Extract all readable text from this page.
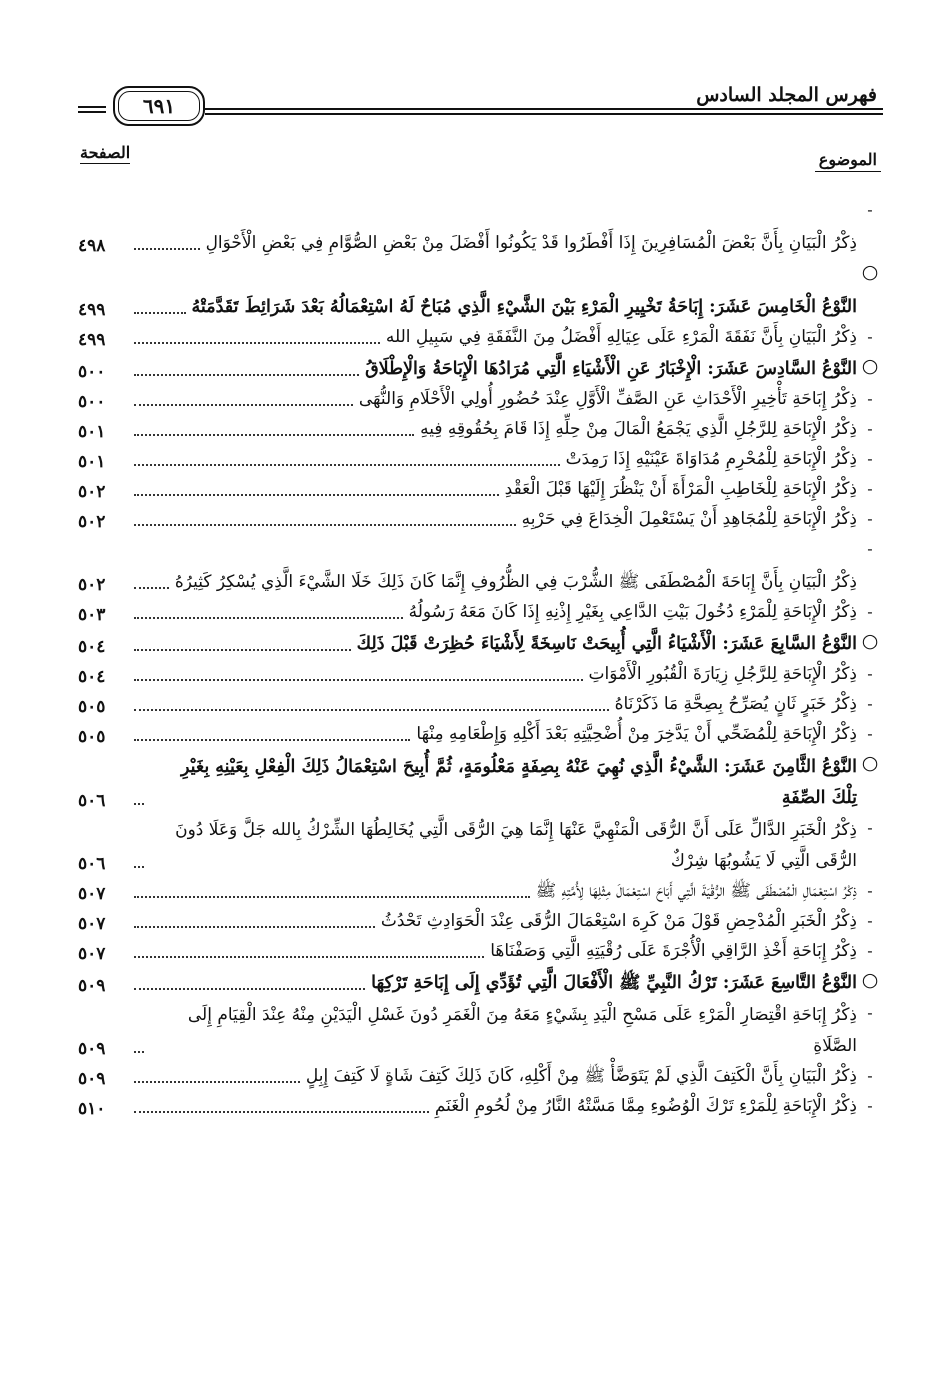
فهرس المجلد السادس
٦٩١
الموضوع
الصفحة
-
ذِكْرُ الْبَيَانِ بِأَنَّ بَعْضَ الْمُسَافِرِينَ إِذَا أَفْطَرُوا قَدْ يَكُونُوا أَفْضَلَ مِنْ بَعْضِ الصُّوَّامِ فِي بَعْضِ الْأَحْوَالِ
٤٩٨
○
النَّوْعُ الْخَامِسَ عَشَرَ: إِبَاحَةُ تَخْيِيرِ الْمَرْءِ بَيْنَ الشَّيْءِ الَّذِي مُبَاحٌ لَهُ اسْتِعْمَالُهُ بَعْدَ شَرَائِطَ تَقَدَّمَتْهُ
٤٩٩
-
ذِكْرُ الْبَيَانِ بِأَنَّ نَفَقَةَ الْمَرْءِ عَلَى عِيَالِهِ أَفْضَلُ مِنَ النَّفَقَةِ فِي سَبِيلِ الله
٤٩٩
○
النَّوْعُ السَّادِسَ عَشَرَ: الْإِخْبَارُ عَنِ الْأَشْيَاءِ الَّتِي مُرَادُهَا الْإِبَاحَةُ وَالْإِطْلَاقُ
٥٠٠
-
ذِكْرُ إِبَاحَةِ تَأْخِيرِ الْأَحْدَاثِ عَنِ الصَّفِّ الْأَوَّلِ عِنْدَ حُضُورِ أُولِي الْأَحْلَامِ وَالنُّهَى
٥٠٠
-
ذِكْرُ الْإِبَاحَةِ لِلرَّجُلِ الَّذِي يَجْمَعُ الْمَالَ مِنْ حِلِّهِ إِذَا قَامَ بِحُقُوقِهِ فِيهِ
٥٠١
-
ذِكْرُ الْإِبَاحَةِ لِلْمُحْرِمِ مُدَاوَاةَ عَيْنَيْهِ إِذَا رَمِدَتْ
٥٠١
-
ذِكْرُ الْإِبَاحَةِ لِلْخَاطِبِ الْمَرْأَةَ أَنْ يَنْظُرَ إِلَيْهَا قَبْلَ الْعَقْدِ
٥٠٢
-
ذِكْرُ الْإِبَاحَةِ لِلْمُجَاهِدِ أَنْ يَسْتَعْمِلَ الْخِدَاعَ فِي حَرْبِهِ
٥٠٢
-
ذِكْرُ الْبَيَانِ بِأَنَّ إِبَاحَةَ الْمُصْطَفَى ﷺ الشُّرْبَ فِي الظُّرُوفِ إِنَّمَا كَانَ ذَلِكَ خَلَا الشَّيْءَ الَّذِي يُسْكِرُ كَثِيرُهُ
٥٠٢
-
ذِكْرُ الْإِبَاحَةِ لِلْمَرْءِ دُخُولَ بَيْتِ الدَّاعِي بِغَيْرِ إِذْنِهِ إِذَا كَانَ مَعَهُ رَسُولُهُ
٥٠٣
○
النَّوْعُ السَّابِعَ عَشَرَ: الْأَشْيَاءُ الَّتِي أُبِيحَتْ نَاسِخَةً لِأَشْيَاءَ حُظِرَتْ قَبْلَ ذَلِكَ
٥٠٤
-
ذِكْرُ الْإِبَاحَةِ لِلرَّجُلِ زِيَارَةَ الْقُبُورِ الْأَمْوَاتِ
٥٠٤
-
ذِكْرُ خَبَرٍ ثَانٍ يُصَرِّحُ بِصِحَّةِ مَا ذَكَرْنَاهُ
٥٠٥
-
ذِكْرُ الْإِبَاحَةِ لِلْمُضَحِّي أَنْ يَدَّخِرَ مِنْ أُضْحِيَّتِهِ بَعْدَ أَكْلِهِ وَإِطْعَامِهِ مِنْهَا
٥٠٥
○
النَّوْعُ الثَّامِنَ عَشَرَ: الشَّيْءُ الَّذِي نُهِيَ عَنْهُ بِصِفَةٍ مَعْلُومَةٍ، ثُمَّ أُبِيحَ اسْتِعْمَالُ ذَلِكَ الْفِعْلِ بِعَيْنِهِ بِغَيْرِ تِلْكَ الصِّفَةِ
٥٠٦
-
ذِكْرُ الْخَبَرِ الدَّالِّ عَلَى أَنَّ الرُّقَى الْمَنْهِيَّ عَنْهَا إِنَّمَا هِيَ الرُّقَى الَّتِي يُخَالِطُهَا الشِّرْكُ بِالله جَلَّ وَعَلَا دُونَ الرُّقَى الَّتِي لَا يَشُوبُهَا شِرْكٌ
٥٠٦
-
ذِكْرُ اسْتِعْمَالِ الْمُصْطَفَى ﷺ الرُّقْيَةَ الَّتِي أَبَاحَ اسْتِعْمَالَ مِثْلِهَا لِأُمَّتِهِ ﷺ
٥٠٧
-
ذِكْرُ الْخَبَرِ الْمُدْحِضِ قَوْلَ مَنْ كَرِهَ اسْتِعْمَالَ الرُّقَى عِنْدَ الْحَوَادِثِ تَحْدُثُ
٥٠٧
-
ذِكْرُ إِبَاحَةِ أَخْذِ الرَّاقِي الْأُجْرَةَ عَلَى رُقْيَتِهِ الَّتِي وَصَفْنَاهَا
٥٠٧
○
النَّوْعُ التَّاسِعَ عَشَرَ: تَرْكُ النَّبِيِّ ﷺ الْأَفْعَالَ الَّتِي تُؤَدِّي إِلَى إِبَاحَةِ تَرْكِهَا
٥٠٩
-
ذِكْرُ إِبَاحَةِ اقْتِصَارِ الْمَرْءِ عَلَى مَسْحِ الْيَدِ بِشَيْءٍ مَعَهُ مِنَ الْغَمَرِ دُونَ غَسْلِ الْيَدَيْنِ مِنْهُ عِنْدَ الْقِيَامِ إِلَى الصَّلَاةِ
٥٠٩
-
ذِكْرُ الْبَيَانِ بِأَنَّ الْكَتِفَ الَّذِي لَمْ يَتَوَضَّأْ ﷺ مِنْ أَكْلِهِ، كَانَ ذَلِكَ كَتِفَ شَاةٍ لَا كَتِفَ إِبِلٍ
٥٠٩
-
ذِكْرُ الْإِبَاحَةِ لِلْمَرْءِ تَرْكَ الْوُضُوءِ مِمَّا مَسَّتْهُ النَّارُ مِنْ لُحُومِ الْغَنَمِ
٥١٠
